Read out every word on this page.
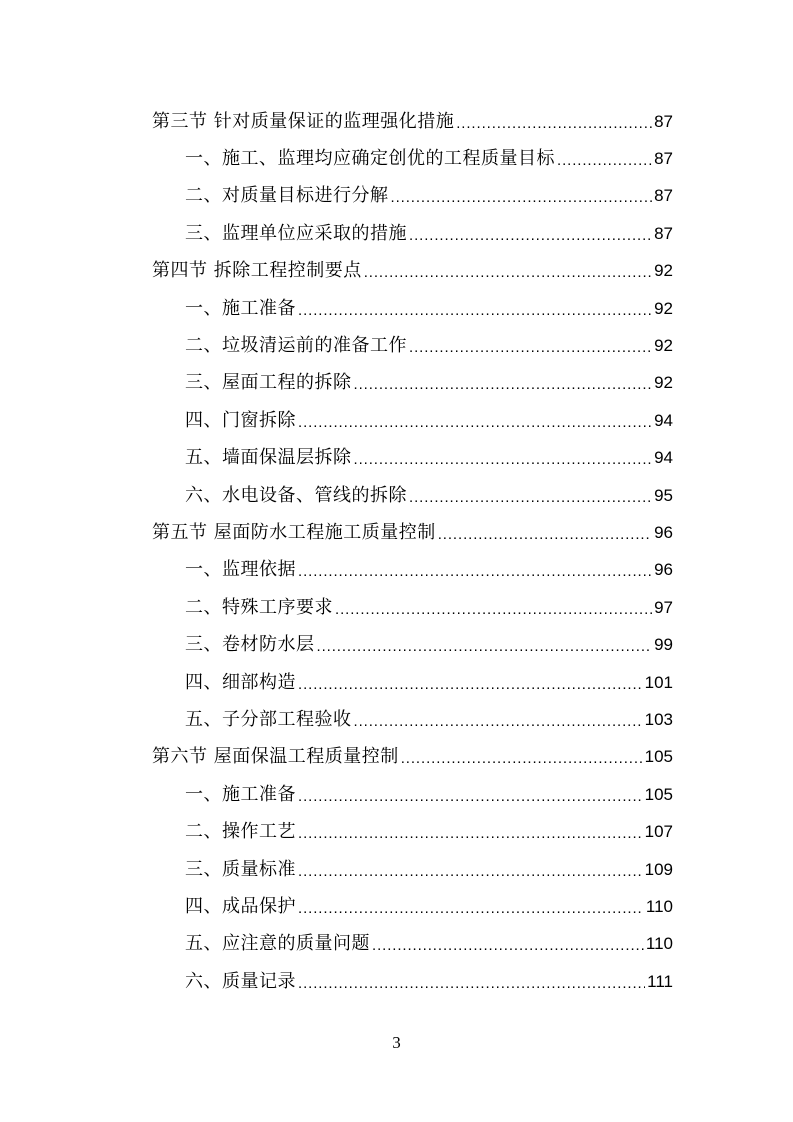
第三节 针对质量保证的监理强化措施 .....	87
一、施工、监理均应确定创优的工程质量目标 .....	87
二、对质量目标进行分解 .....	87
三、监理单位应采取的措施 .....	87
第四节 拆除工程控制要点 .....	92
一、施工准备 .....	92
二、垃圾清运前的准备工作 .....	92
三、屋面工程的拆除 .....	92
四、门窗拆除 .....	94
五、墙面保温层拆除 .....	94
六、水电设备、管线的拆除 .....	95
第五节 屋面防水工程施工质量控制 .....	96
一、监理依据 .....	96
二、特殊工序要求 .....	97
三、卷材防水层 .....	99
四、细部构造 .....	101
五、子分部工程验收 .....	103
第六节 屋面保温工程质量控制 .....	105
一、施工准备 .....	105
二、操作工艺 .....	107
三、质量标准 .....	109
四、成品保护 .....	110
五、应注意的质量问题 .....	110
六、质量记录 .....	111
3
